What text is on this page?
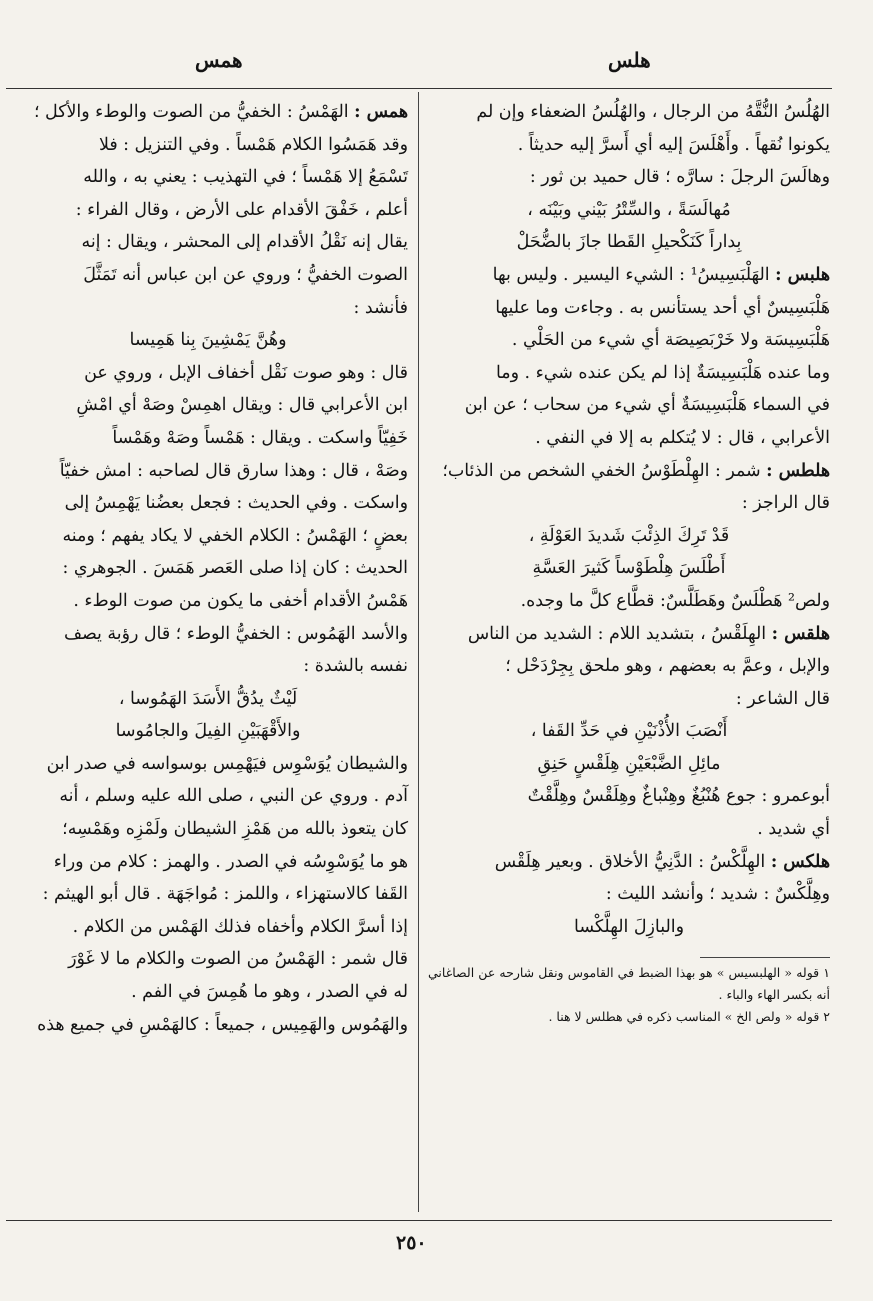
هلس
همس

الهُلُسُ النُّقَّهُ من الرجال ، والهُلُسُ الضعفاء وإن لم

يكونوا نُقهاً . وأَهْلَسَ إليه أي أَسرَّ إليه حديثاً .

وهالَسَ الرجلَ : سارَّه ؛ قال حميد بن ثور :

مُهالَسَةً ، والسِّتْرُ بَيْني وبَيْنَه ،

بِداراً كَنَكْحيلِ القَطا جازَ بالضُّحَلْ

هلبس : الهَلْبَسِيسُ¹ : الشيء اليسير . وليس بها

هَلْبَسِيسٌ أي أحد يستأنس به . وجاءت وما عليها

هَلْبَسِيسَة ولا خَرْبَصِيصَة أي شيء من الحَلْي .

وما عنده هَلْبَسِيسَةٌ إذا لم يكن عنده شيء . وما

في السماء هَلْبَسِيسَةٌ أي شيء من سحاب ؛ عن ابن

الأعرابي ، قال : لا يُتكلم به إلا في النفي .

هلطس : شمر : الهِلْطَوْسُ الخفي الشخص من الذئاب؛

قال الراجز :

قَدْ تَرِكَ الذِئْبَ شَديدَ العَوْلَةِ ،

أَطْلَسَ هِلْطَوْساً كَثيرَ العَسَّةِ

ولص² هَطْلَسٌ وهَطَلَّسٌ: قطَّاع كلَّ ما وجده.

هلقس : الهِلَقْسُ ، بتشديد اللام : الشديد من الناس

والإبل ، وعمَّ به بعضهم ، وهو ملحق بِجِرْدَحْل ؛

قال الشاعر :

أَنْصَبَ الأُذْنَيْنِ في حَدِّ القَفا ،

مائِلِ الضَّبْعَيْنِ هِلَقْسٍ حَنِقِ

أبوعمرو : جوع هُنْبُغٌ وهِنْباغٌ وهِلَقْسٌ وهِلَّقْتٌ

أي شديد .

هلكس : الهِلَّكْسُ : الدَّنِيُّ الأخلاق . وبعير هِلَقْس

وهِلَّكْسٌ : شديد ؛ وأنشد الليث :

والبازِلَ الهِلَّكْسا

١ قوله « الهلبسيس » هو بهذا الضبط في القاموس ونقل شارحه عن الصاغاني أنه بكسر الهاء والباء .

٢ قوله « ولص الخ » المناسب ذكره في هطلس لا هنا .

همس : الهَمْسُ : الخفيُّ من الصوت والوطء والأكل ؛

وقد هَمَسُوا الكلام هَمْساً . وفي التنزيل : فلا

تَسْمَعُ إلا هَمْساً ؛ في التهذيب : يعني به ، والله

أعلم ، خَفْقَ الأقدام على الأرض ، وقال الفراء :

يقال إنه نَقْلُ الأقدام إلى المحشر ، ويقال : إنه

الصوت الخفيُّ ؛ وروي عن ابن عباس أنه تَمَثَّلَ

فأنشد :

وهُنَّ يَمْشِينَ بِنا هَمِيسا

قال : وهو صوت نَقْل أخفاف الإبل ، وروي عن

ابن الأعرابي قال : ويقال اهمِسْ وصَهْ أي امْشِ

خَفِيّاً واسكت . ويقال : هَمْساً وصَهْ وهَمْساً

وصَهْ ، قال : وهذا سارق قال لصاحبه : امش خفيّاً

واسكت . وفي الحديث : فجعل بعضُنا يَهْمِسُ إلى

بعضٍ ؛ الهَمْسُ : الكلام الخفي لا يكاد يفهم ؛ ومنه

الحديث : كان إذا صلى العَصر هَمَسَ . الجوهري :

هَمْسُ الأقدام أخفى ما يكون من صوت الوطء .

والأسد الهَمُوس : الخفيُّ الوطء ؛ قال رؤبة يصف

نفسه بالشدة :

لَيْثٌ يدُقُّ الأَسَدَ الهَمُوسا ،

والأَقْهَبَيْنِ الفِيلَ والجامُوسا

والشيطان يُوَسْوِس فيَهْمِس بوسواسه في صدر ابن

آدم . وروي عن النبي ، صلى الله عليه وسلم ، أنه

كان يتعوذ بالله من هَمْزِ الشيطان ولَمْزِه وهَمْسِه؛

هو ما يُوَسْوِسُه في الصدر . والهمز : كلام من وراء

القَفا كالاستهزاء ، واللمز : مُواجَهَة . قال أبو الهيثم :

إذا أسرَّ الكلام وأخفاه فذلك الهَمْس من الكلام .

قال شمر : الهَمْسُ من الصوت والكلام ما لا غَوْرَ

له في الصدر ، وهو ما هُمِسَ في الفم .

والهَمُوس والهَمِيس ، جميعاً : كالهَمْسِ في جميع هذه

٢٥٠
